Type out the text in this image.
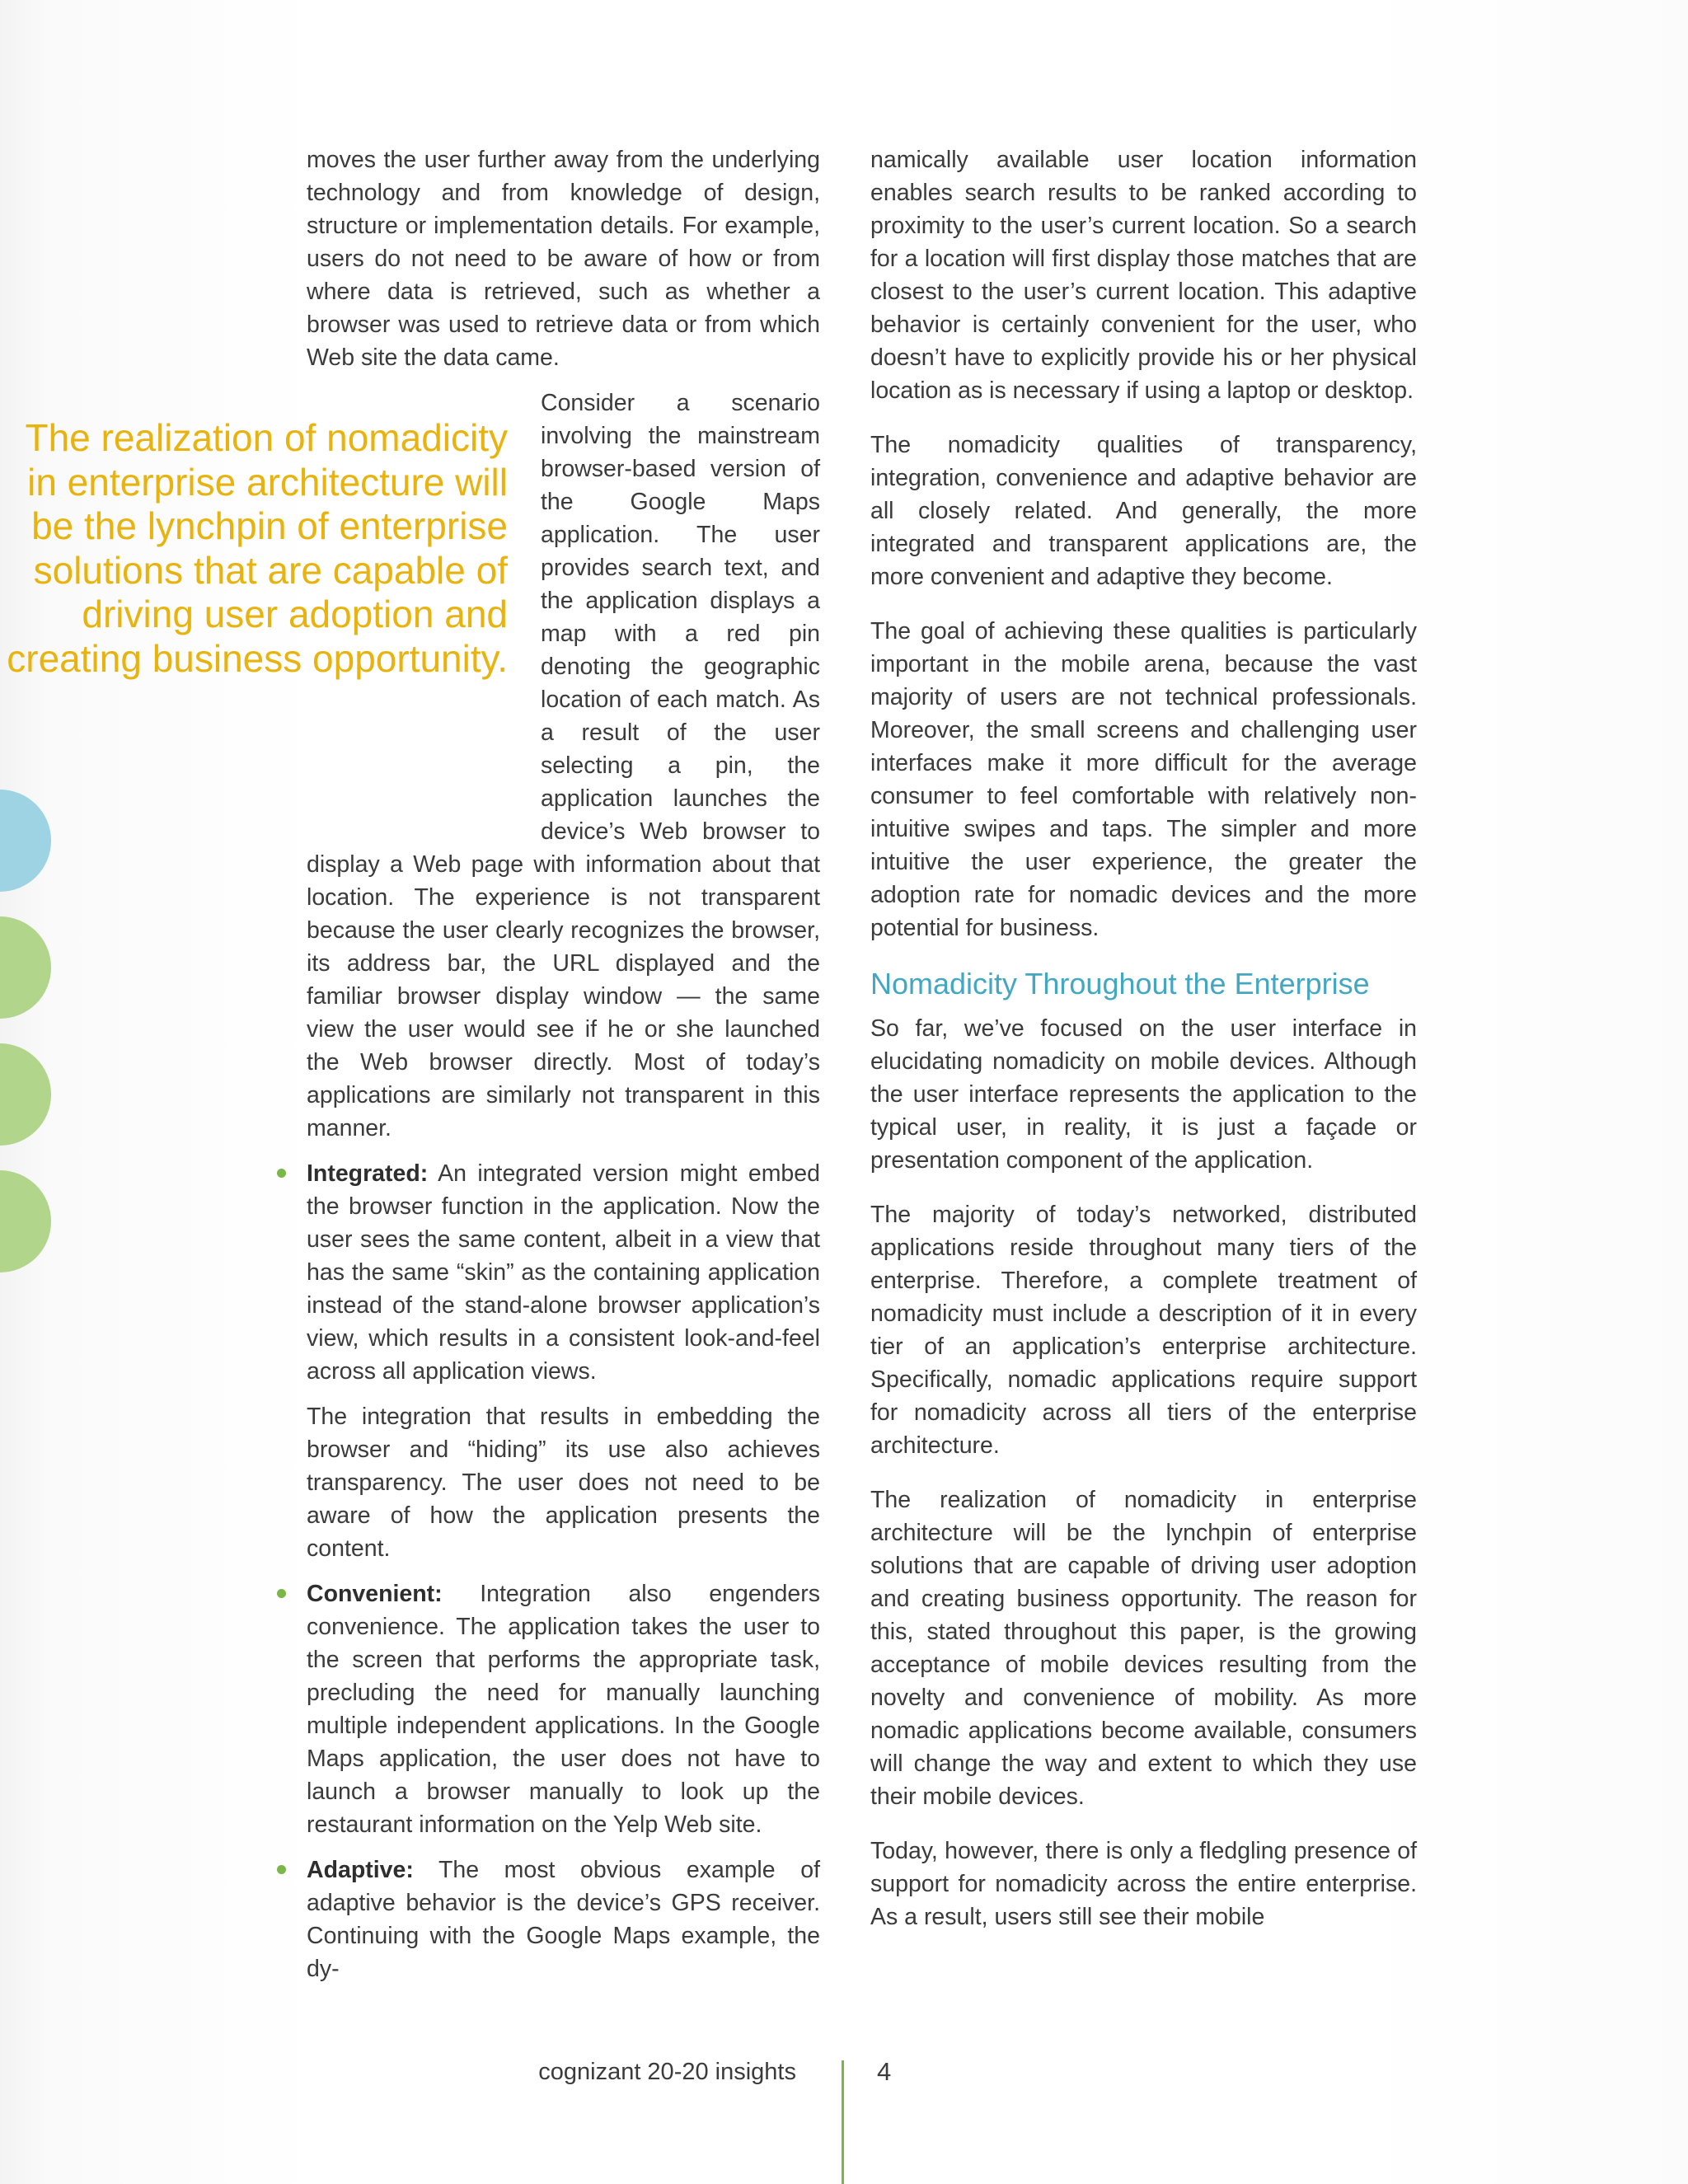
moves the user further away from the underlying technology and from knowledge of design, structure or implementation details. For example, users do not need to be aware of how or from where data is retrieved, such as whether a browser was used to retrieve data or from which Web site the data came.

The realization of nomadicity in enterprise architecture will be the lynchpin of enterprise solutions that are capable of driving user adoption and creating business opportunity.
Consider a scenario involving the mainstream browser-based version of the Google Maps application. The user provides search text, and the application displays a map with a red pin denoting the geographic location of each match. As a result of the user selecting a pin, the application launches the device’s Web browser to display a Web page with information about that location. The experience is not transparent because the user clearly recognizes the browser, its address bar, the URL displayed and the familiar browser display window — the same view the user would see if he or she launched the Web browser directly. Most of today’s applications are similarly not transparent in this manner.
Integrated: An integrated version might embed the browser function in the application. Now the user sees the same content, albeit in a view that has the same “skin” as the containing application instead of the stand-alone browser application’s view, which results in a consistent look-and-feel across all application views.

The integration that results in embedding the browser and “hiding” its use also achieves transparency. The user does not need to be aware of how the application presents the content.

Convenient: Integration also engenders convenience. The application takes the user to the screen that performs the appropriate task, precluding the need for manually launching multiple independent applications. In the Google Maps application, the user does not have to launch a browser manually to look up the restaurant information on the Yelp Web site.
Adaptive: The most obvious example of adaptive behavior is the device’s GPS receiver. Continuing with the Google Maps example, the dy-

namically available user location information enables search results to be ranked according to proximity to the user’s current location. So a search for a location will first display those matches that are closest to the user’s current location. This adaptive behavior is certainly convenient for the user, who doesn’t have to explicitly provide his or her physical location as is necessary if using a laptop or desktop.

The nomadicity qualities of transparency, integration, convenience and adaptive behavior are all closely related. And generally, the more integrated and transparent applications are, the more convenient and adaptive they become.

The goal of achieving these qualities is particularly important in the mobile arena, because the vast majority of users are not technical professionals. Moreover, the small screens and challenging user interfaces make it more difficult for the average consumer to feel comfortable with relatively non-intuitive swipes and taps. The simpler and more intuitive the user experience, the greater the adoption rate for nomadic devices and the more potential for business.

Nomadicity Throughout the Enterprise

So far, we’ve focused on the user interface in elucidating nomadicity on mobile devices. Although the user interface represents the application to the typical user, in reality, it is just a façade or presentation component of the application.

The majority of today’s networked, distributed applications reside throughout many tiers of the enterprise. Therefore, a complete treatment of nomadicity must include a description of it in every tier of an application’s enterprise architecture. Specifically, nomadic applications require support for nomadicity across all tiers of the enterprise architecture.

The realization of nomadicity in enterprise architecture will be the lynchpin of enterprise solutions that are capable of driving user adoption and creating business opportunity. The reason for this, stated throughout this paper, is the growing acceptance of mobile devices resulting from the novelty and convenience of mobility. As more nomadic applications become available, consumers will change the way and extent to which they use their mobile devices.

Today, however, there is only a fledgling presence of support for nomadicity across the entire enterprise. As a result, users still see their mobile

cognizant 20-20 insights	4
